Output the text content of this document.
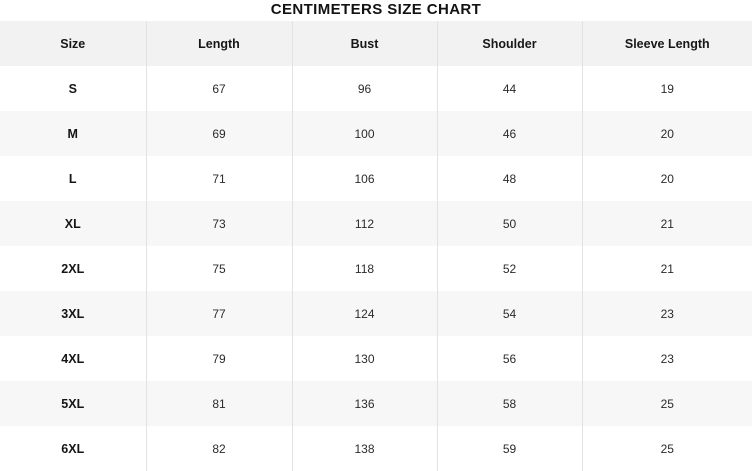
CENTIMETERS SIZE CHART
Size	Length	Bust	Shoulder	Sleeve Length
S	67	96	44	19
M	69	100	46	20
L	71	106	48	20
XL	73	112	50	21
2XL	75	118	52	21
3XL	77	124	54	23
4XL	79	130	56	23
5XL	81	136	58	25
6XL	82	138	59	25
